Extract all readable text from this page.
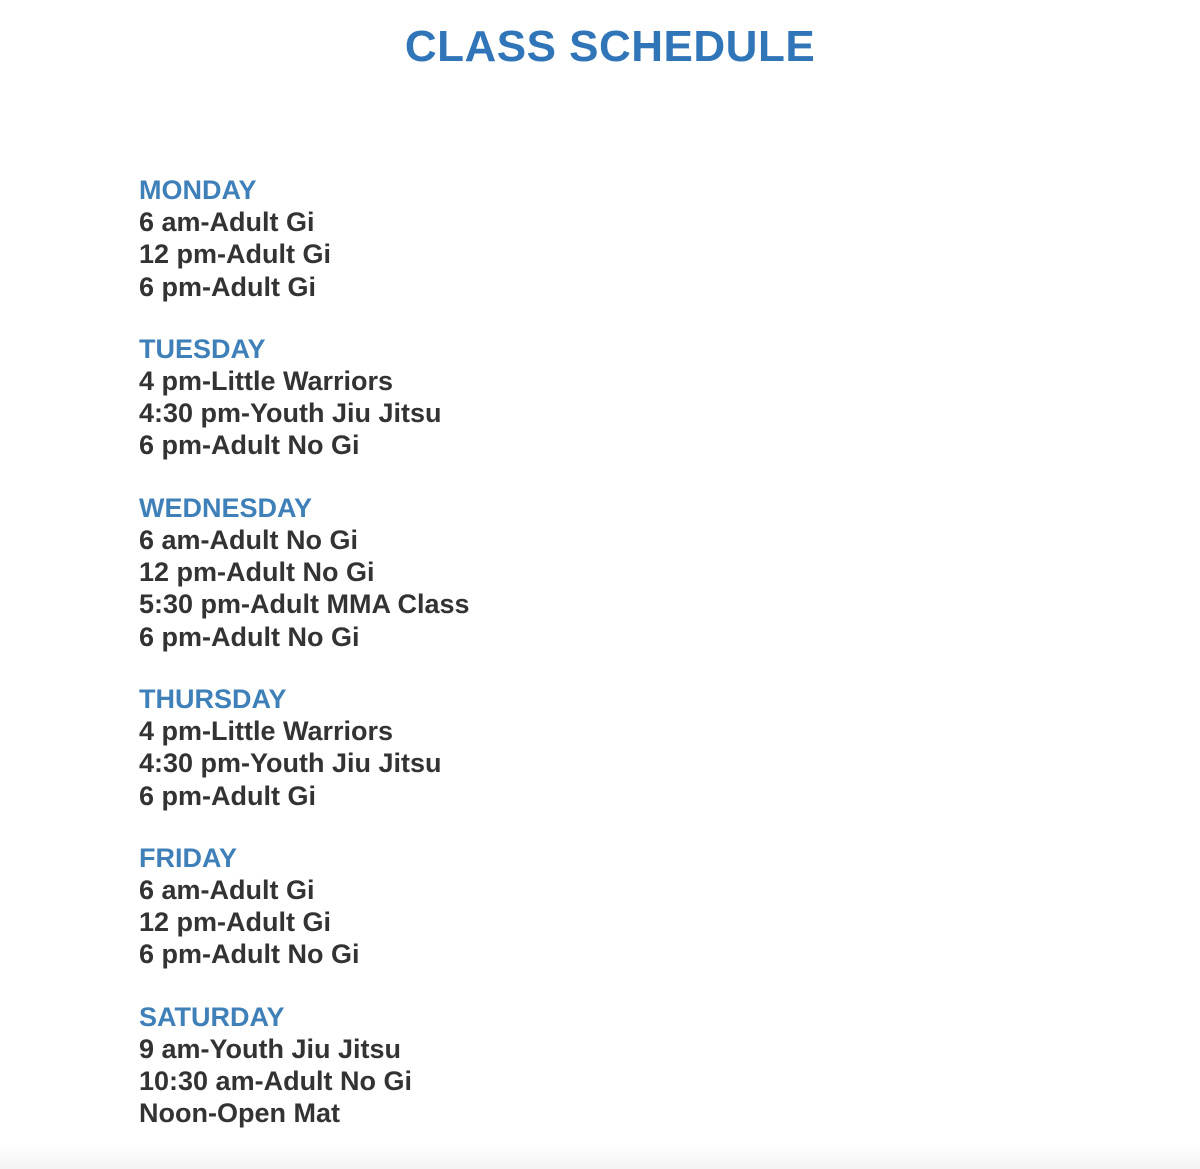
CLASS SCHEDULE
MONDAY
6 am-Adult Gi
12 pm-Adult Gi
6 pm-Adult Gi
TUESDAY
4 pm-Little Warriors
4:30 pm-Youth Jiu Jitsu
6 pm-Adult No Gi
WEDNESDAY
6 am-Adult No Gi
12 pm-Adult No Gi
5:30 pm-Adult MMA Class
6 pm-Adult No Gi
THURSDAY
4 pm-Little Warriors
4:30 pm-Youth Jiu Jitsu
6 pm-Adult Gi
FRIDAY
6 am-Adult Gi
12 pm-Adult Gi
6 pm-Adult No Gi
SATURDAY
9 am-Youth Jiu Jitsu
10:30 am-Adult No Gi
Noon-Open Mat
